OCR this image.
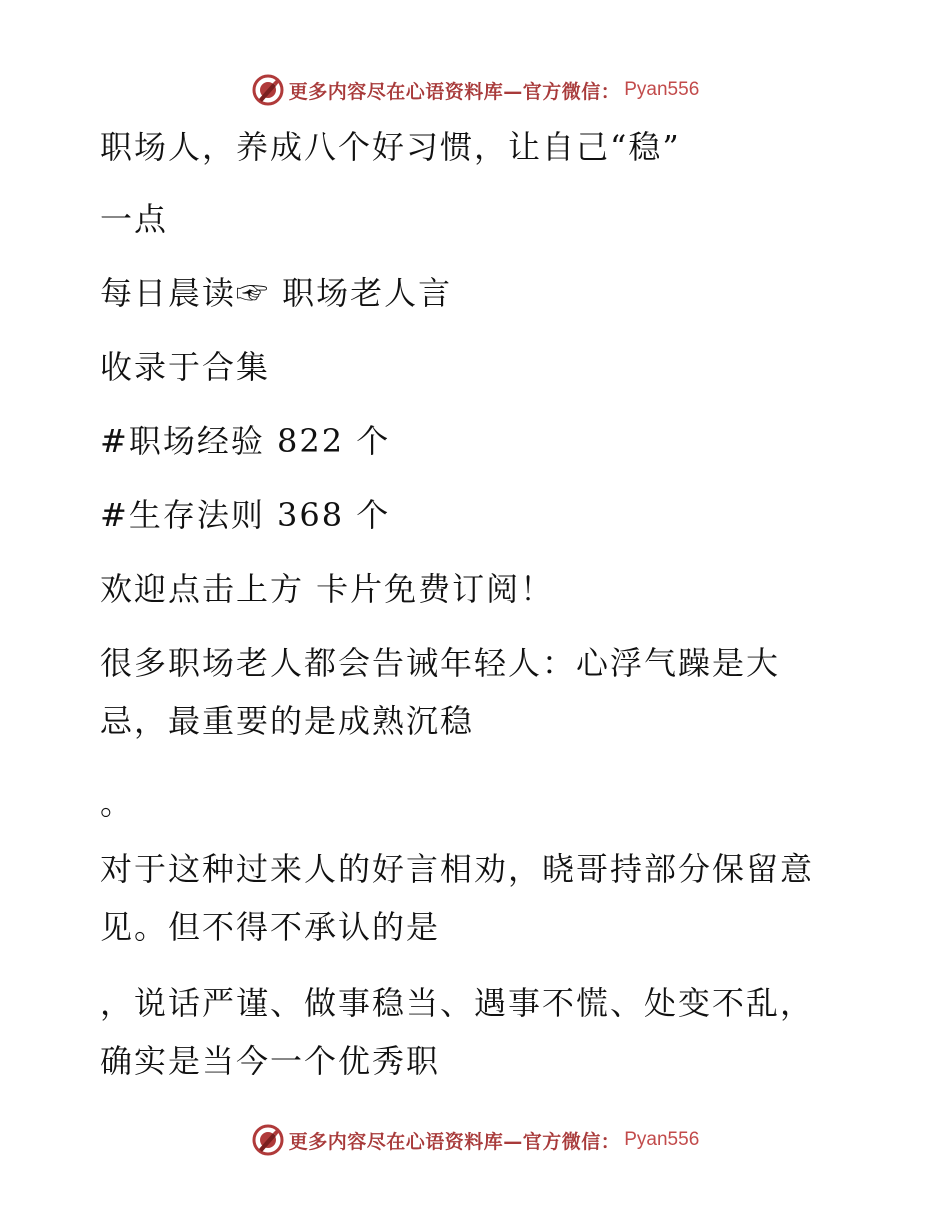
更多内容尽在心语资料库—官方微信： Pyan556
职场人，养成八个好习惯，让自己“稳”
一点
每日晨读☞ 职场老人言
收录于合集
#职场经验 822 个
#生存法则 368 个
欢迎点击上方 卡片免费订阅！
很多职场老人都会告诫年轻人：心浮气躁是大
忌，最重要的是成熟沉稳
。
对于这种过来人的好言相劝，晓哥持部分保留意
见。但不得不承认的是
，说话严谨、做事稳当、遇事不慌、处变不乱，
确实是当今一个优秀职
更多内容尽在心语资料库—官方微信： Pyan556
